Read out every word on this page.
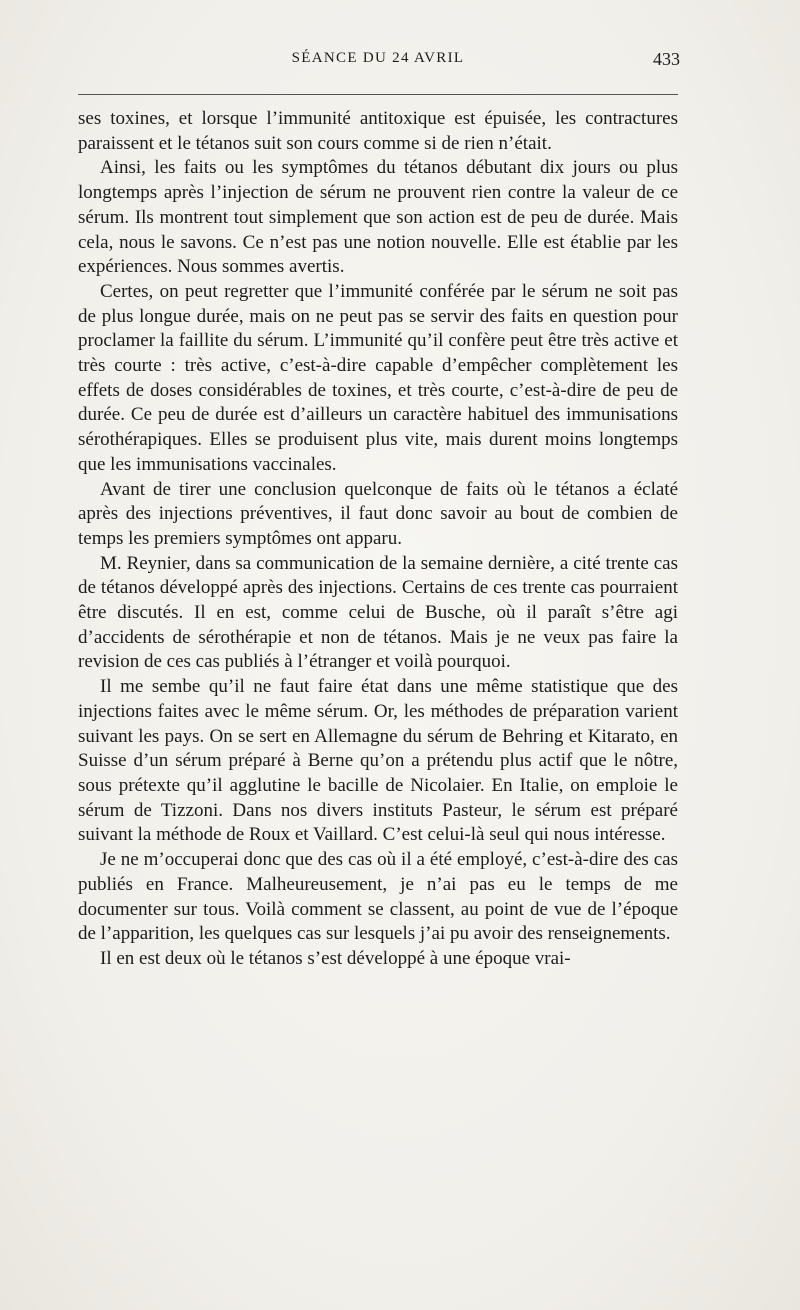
SÉANCE DU 24 AVRIL	433

ses toxines, et lorsque l’immunité antitoxique est épuisée, les contractures paraissent et le tétanos suit son cours comme si de rien n’était.

Ainsi, les faits ou les symptômes du tétanos débutant dix jours ou plus longtemps après l’injection de sérum ne prouvent rien contre la valeur de ce sérum. Ils montrent tout simplement que son action est de peu de durée. Mais cela, nous le savons. Ce n’est pas une notion nouvelle. Elle est établie par les expériences. Nous sommes avertis.

Certes, on peut regretter que l’immunité conférée par le sérum ne soit pas de plus longue durée, mais on ne peut pas se servir des faits en question pour proclamer la faillite du sérum. L’immunité qu’il confère peut être très active et très courte : très active, c’est-à-dire capable d’empêcher complètement les effets de doses considérables de toxines, et très courte, c’est-à-dire de peu de durée. Ce peu de durée est d’ailleurs un caractère habituel des immunisations sérothérapiques. Elles se produisent plus vite, mais durent moins longtemps que les immunisations vaccinales.

Avant de tirer une conclusion quelconque de faits où le tétanos a éclaté après des injections préventives, il faut donc savoir au bout de combien de temps les premiers symptômes ont apparu.

M. Reynier, dans sa communication de la semaine dernière, a cité trente cas de tétanos développé après des injections. Certains de ces trente cas pourraient être discutés. Il en est, comme celui de Busche, où il paraît s’être agi d’accidents de sérothérapie et non de tétanos. Mais je ne veux pas faire la revision de ces cas publiés à l’étranger et voilà pourquoi.

Il me sembe qu’il ne faut faire état dans une même statistique que des injections faites avec le même sérum. Or, les méthodes de préparation varient suivant les pays. On se sert en Allemagne du sérum de Behring et Kitarato, en Suisse d’un sérum préparé à Berne qu’on a prétendu plus actif que le nôtre, sous prétexte qu’il agglutine le bacille de Nicolaier. En Italie, on emploie le sérum de Tizzoni. Dans nos divers instituts Pasteur, le sérum est préparé suivant la méthode de Roux et Vaillard. C’est celui-là seul qui nous intéresse.

Je ne m’occuperai donc que des cas où il a été employé, c’est-à-dire des cas publiés en France. Malheureusement, je n’ai pas eu le temps de me documenter sur tous. Voilà comment se classent, au point de vue de l’époque de l’apparition, les quelques cas sur lesquels j’ai pu avoir des renseignements.

Il en est deux où le tétanos s’est développé à une époque vrai-
